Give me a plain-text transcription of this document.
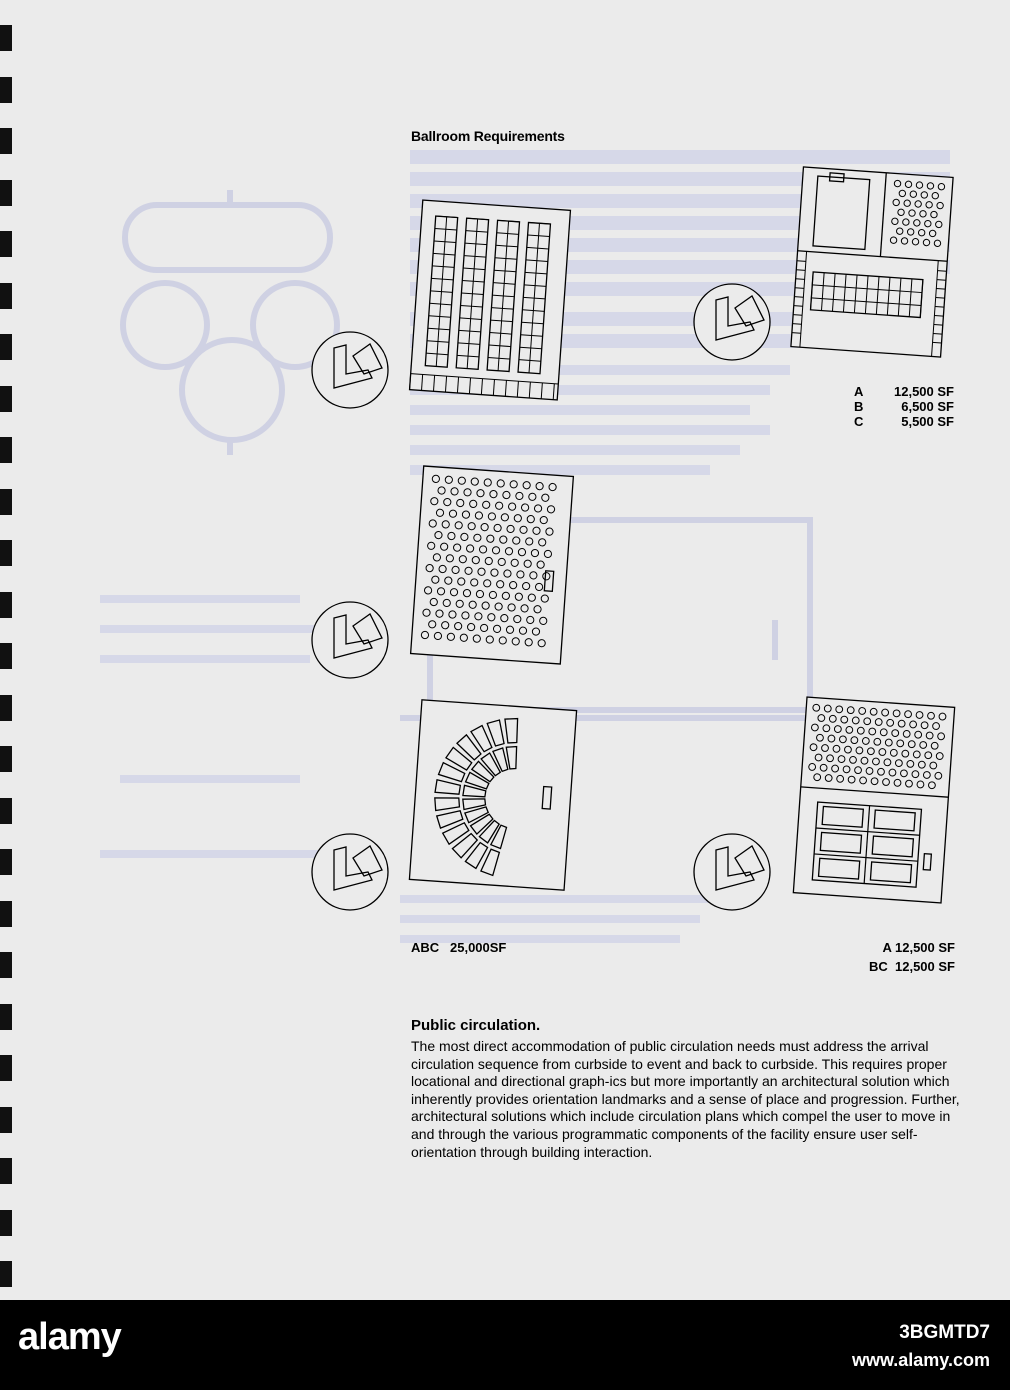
Ballroom Requirements
A 12,500 SF
B	6,500 SF
C	5,500 SF
ABC   25,000SF	A 12,500 SF
BC  12,500 SF
Public circulation.
The most direct accommodation of public circulation needs must address the arrival circulation sequence from curbside to event and back to curbside. This requires proper locational and directional graph-ics but more importantly an architectural solution which inherently provides orientation landmarks and a sense of place and progression. Further, architectural solutions which include circulation plans which compel the user to move in and through the various programmatic components of the facility ensure user self-orientation through building interaction.
alamy	3BGMTD7
www.alamy.com
